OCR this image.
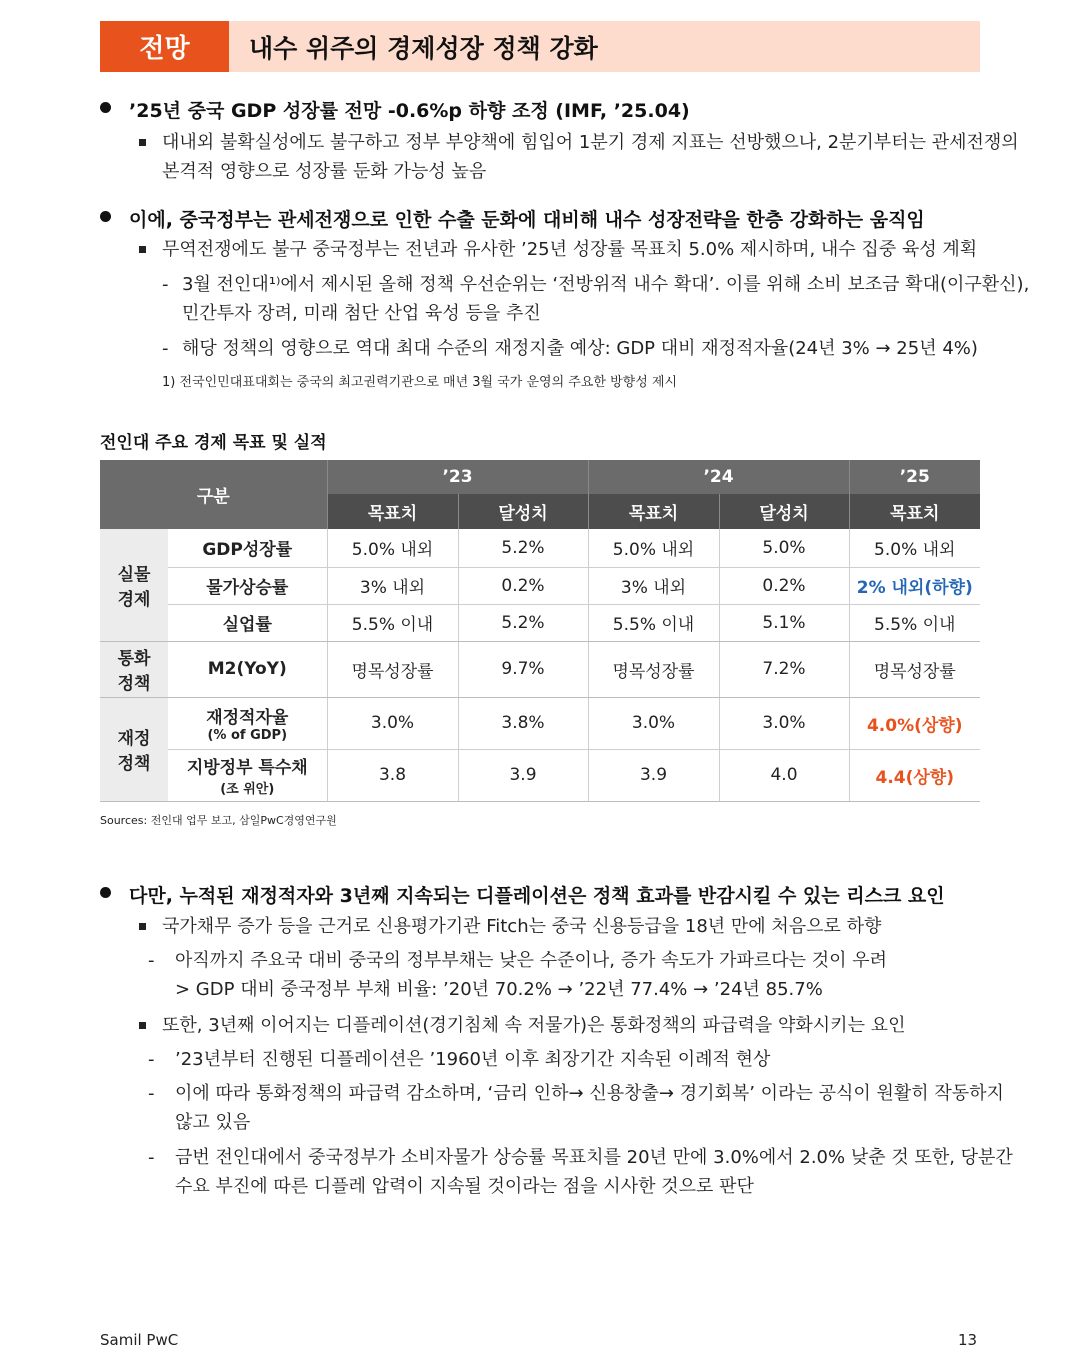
전망	내수 위주의 경제성장 정책 강화
’25년 중국 GDP 성장률 전망 -0.6%p 하향 조정 (IMF, ’25.04)
대내외 불확실성에도 불구하고 정부 부양책에 힘입어 1분기 경제 지표는 선방했으나, 2분기부터는 관세전쟁의
본격적 영향으로 성장률 둔화 가능성 높음
이에, 중국정부는 관세전쟁으로 인한 수출 둔화에 대비해 내수 성장전략을 한층 강화하는 움직임
무역전쟁에도 불구 중국정부는 전년과 유사한 ’25년 성장률 목표치 5.0% 제시하며, 내수 집중 육성 계획
- 3월 전인대¹⁾에서 제시된 올해 정책 우선순위는 ‘전방위적 내수 확대’. 이를 위해 소비 보조금 확대(이구환신),
민간투자 장려, 미래 첨단 산업 육성 등을 추진
- 해당 정책의 영향으로 역대 최대 수준의 재정지출 예상: GDP 대비 재정적자율(24년 3% → 25년 4%)
1) 전국인민대표대회는 중국의 최고권력기관으로 매년 3월 국가 운영의 주요한 방향성 제시
전인대 주요 경제 목표 및 실적
구분		’23		’24		’25
		목표치	달성치	목표치	달성치	목표치
실물 경제	GDP성장률	5.0% 내외	5.2%	5.0% 내외	5.0%	5.0% 내외
	물가상승률	3% 내외	0.2%	3% 내외	0.2%	2% 내외(하향)
	실업률	5.5% 이내	5.2%	5.5% 이내	5.1%	5.5% 이내
통화 정책	M2(YoY)	명목성장률	9.7%	명목성장률	7.2%	명목성장률
재정 정책	재정적자율
(% of GDP)	3.0%	3.8%	3.0%	3.0%	4.0%(상향)
	지방정부 특수채
(조 위안)	3.8	3.9	3.9	4.0	4.4(상향)
Sources: 전인대 업무 보고, 삼일PwC경영연구원
다만, 누적된 재정적자와 3년째 지속되는 디플레이션은 정책 효과를 반감시킬 수 있는 리스크 요인
국가채무 증가 등을 근거로 신용평가기관 Fitch는 중국 신용등급을 18년 만에 처음으로 하향
-	아직까지 주요국 대비 중국의 정부부채는 낮은 수준이나, 증가 속도가 가파르다는 것이 우려
> GDP 대비 중국정부 부채 비율: ’20년 70.2% → ’22년 77.4% → ’24년 85.7%
또한, 3년째 이어지는 디플레이션(경기침체 속 저물가)은 통화정책의 파급력을 약화시키는 요인
-	’23년부터 진행된 디플레이션은 ’1960년 이후 최장기간 지속된 이례적 현상
-	이에 따라 통화정책의 파급력 감소하며, ‘금리 인하→ 신용창출→ 경기회복’ 이라는 공식이 원활히 작동하지
않고 있음
-	금번 전인대에서 중국정부가 소비자물가 상승률 목표치를 20년 만에 3.0%에서 2.0% 낮춘 것 또한, 당분간
수요 부진에 따른 디플레 압력이 지속될 것이라는 점을 시사한 것으로 판단
Samil PwC	13
